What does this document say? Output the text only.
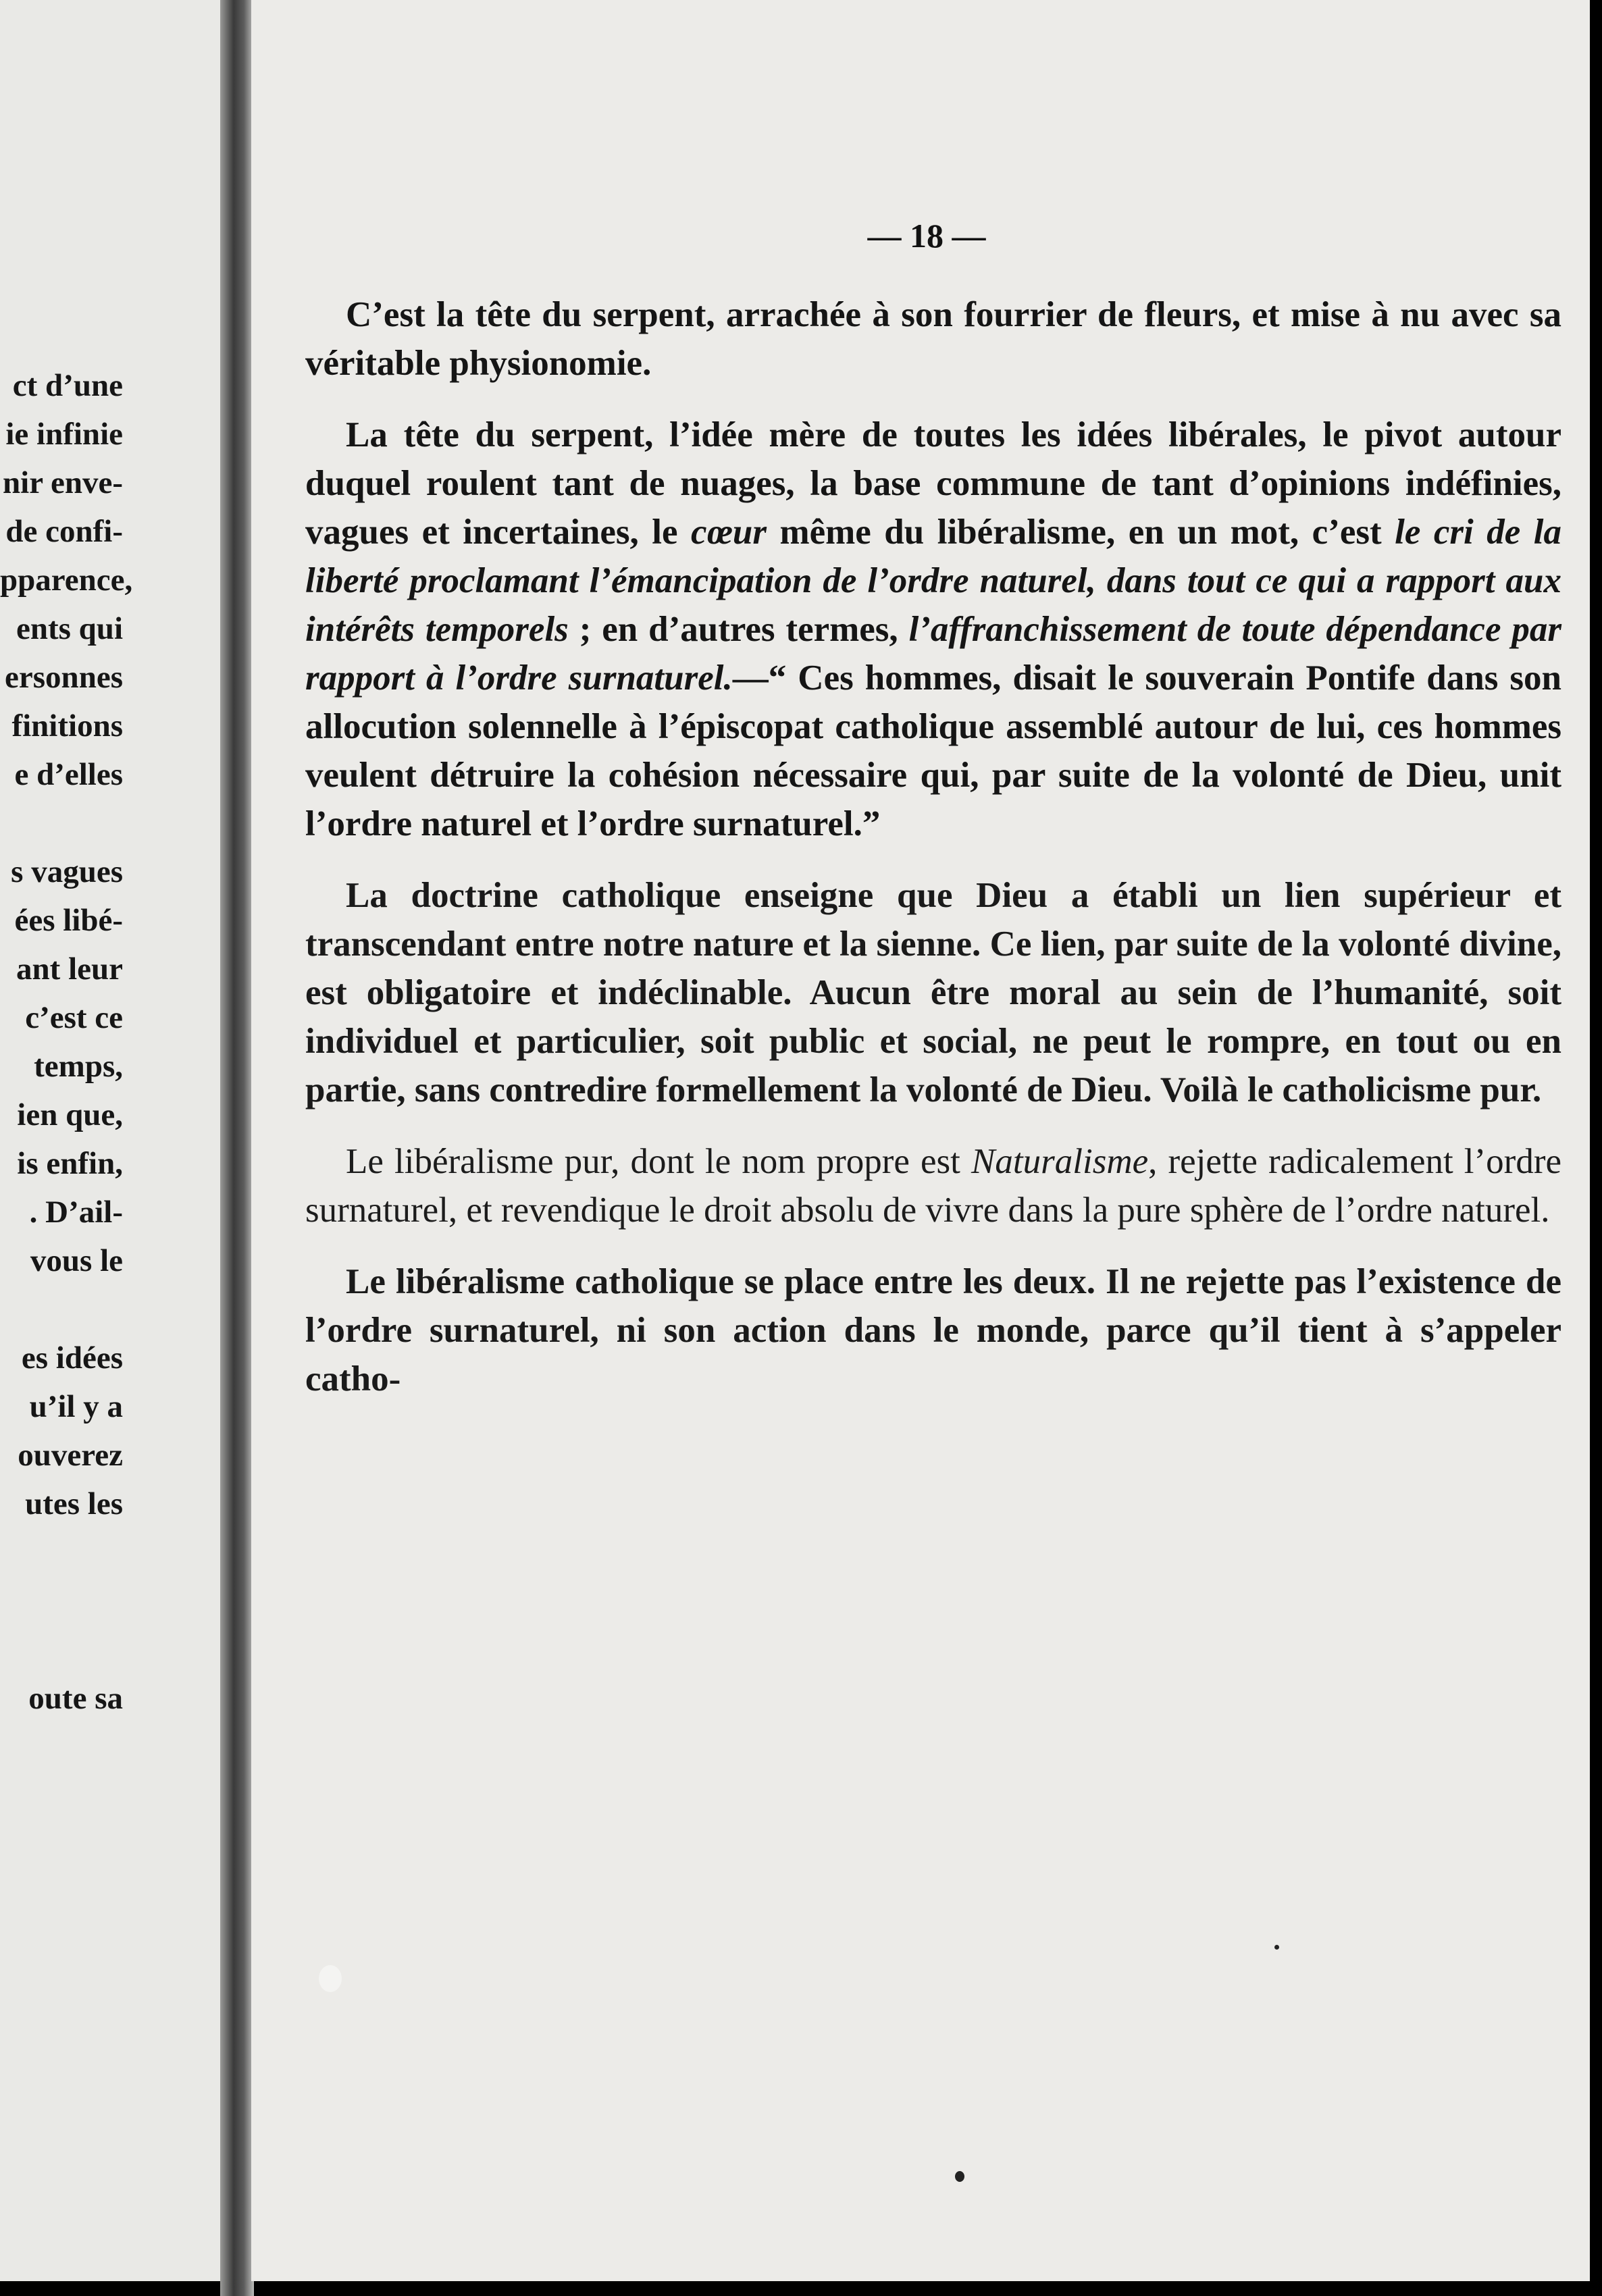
ct d’une
ie infinie
nir enve-
de confi-
pparence,
ents qui
ersonnes
finitions
e d’elles
s vagues
ées libé-
ant leur
c’est ce
temps,
ien que,
is enfin,
. D’ail-
vous le
es idées
u’il y a
ouverez
utes les
oute sa
— 18 —

C’est la tête du serpent, arrachée à son fourrier de fleurs, et mise à nu avec sa véritable physionomie.

La tête du serpent, l’idée mère de toutes les idées libérales, le pivot autour duquel roulent tant de nuages, la base commune de tant d’opinions indéfinies, vagues et incertaines, le cœur même du libéralisme, en un mot, c’est le cri de la liberté proclamant l’émancipation de l’ordre naturel, dans tout ce qui a rapport aux intérêts temporels ; en d’autres termes, l’affranchissement de toute dépendance par rapport à l’ordre surnaturel.—“ Ces hommes, disait le souverain Pontife dans son allocution solennelle à l’épiscopat catholique assemblé autour de lui, ces hommes veulent détruire la cohésion nécessaire qui, par suite de la volonté de Dieu, unit l’ordre naturel et l’ordre surnaturel.”

La doctrine catholique enseigne que Dieu a établi un lien supérieur et transcendant entre notre nature et la sienne. Ce lien, par suite de la volonté divine, est obligatoire et indéclinable. Aucun être moral au sein de l’humanité, soit individuel et particulier, soit public et social, ne peut le rompre, en tout ou en partie, sans contredire formellement la volonté de Dieu. Voilà le catholicisme pur.

Le libéralisme pur, dont le nom propre est Naturalisme, rejette radicalement l’ordre surnaturel, et revendique le droit absolu de vivre dans la pure sphère de l’ordre naturel.

Le libéralisme catholique se place entre les deux. Il ne rejette pas l’existence de l’ordre surnaturel, ni son action dans le monde, parce qu’il tient à s’appeler catho-
